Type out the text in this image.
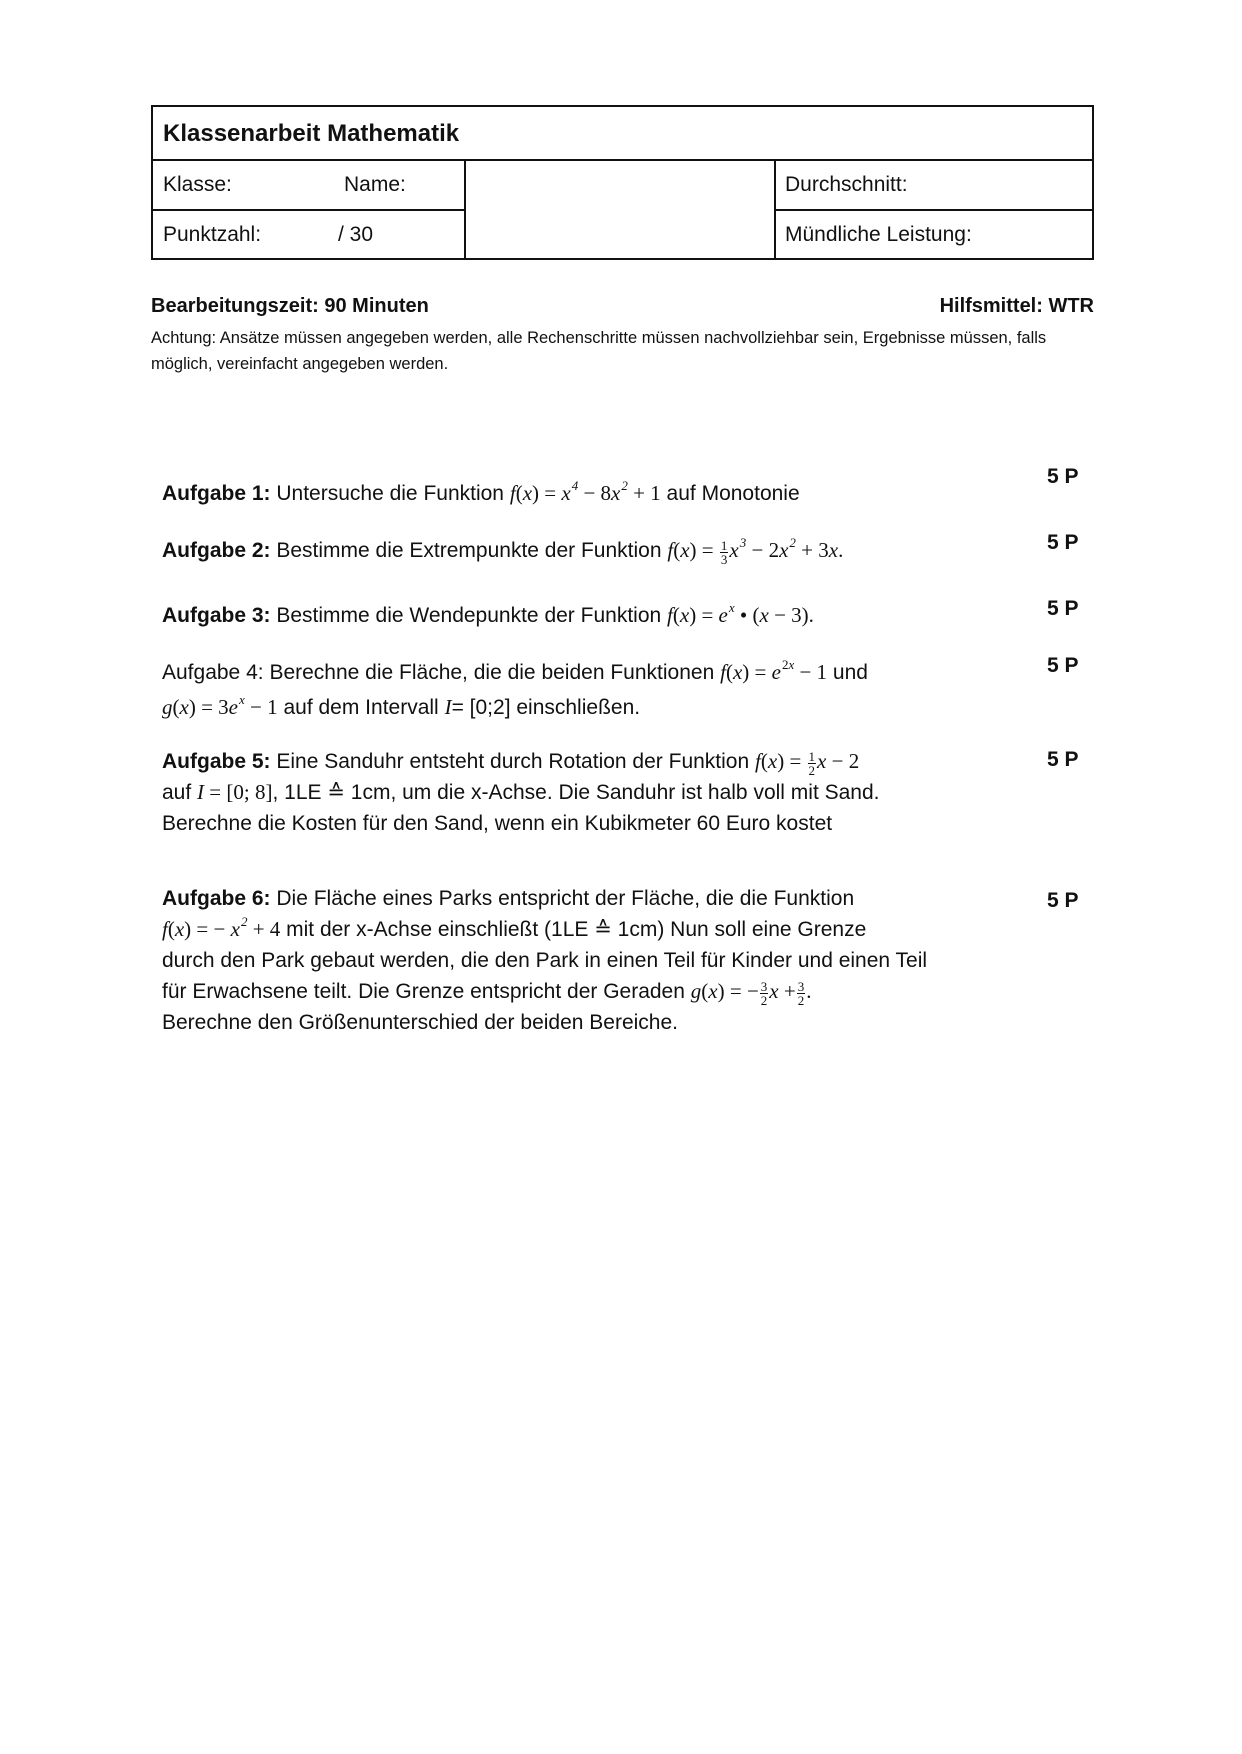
Klassenarbeit Mathematik
Klasse:	Name:
Punktzahl:	/ 30
Durchschnitt:
Mündliche Leistung:
Bearbeitungszeit: 90 Minuten	Hilfsmittel: WTR
Achtung: Ansätze müssen angegeben werden, alle Rechenschritte müssen nachvollziehbar sein, Ergebnisse müssen, falls möglich, vereinfacht angegeben werden.
Aufgabe 1: Untersuche die Funktion $f(x) = x^4 - 8x^2 + 1$ auf Monotonie
5 P
Aufgabe 2: Bestimme die Extrempunkte der Funktion $f(x) = \frac{1}{3} x^3 - 2x^2 + 3x$.	5 P
Aufgabe 3: Bestimme die Wendepunkte der Funktion $f(x) = e^x$ • (x − 3).	5 P
Aufgabe 4: Berechne die Fläche, die die beiden Funktionen $f(x) = e^{2x} - 1$ und
$g(x) = 3e^x - 1$ auf dem Intervall I= [0;2] einschließen.
5 P
Aufgabe 5: Eine Sanduhr entsteht durch Rotation der Funktion $f(x) = \frac{1}{2}$ x − 2
auf I = [0; 8], 1LE ≙ 1cm, um die x-Achse. Die Sanduhr ist halb voll mit Sand.
Berechne die Kosten für den Sand, wenn ein Kubikmeter 60 Euro kostet
5 P
Aufgabe 6: Die Fläche eines Parks entspricht der Fläche, die die Funktion
f(x) = − $x^2 + 4$ mit der x-Achse einschließt (1LE ≙ 1cm) Nun soll eine Grenze
durch den Park gebaut werden, die den Park in einen Teil für Kinder und einen Teil
für Erwachsene teilt. Die Grenze entspricht der Geraden g(x) = − $\frac{3}{2}$ $x + \frac{3}{2}$ .
Berechne den Größenunterschied der beiden Bereiche.
5 P
